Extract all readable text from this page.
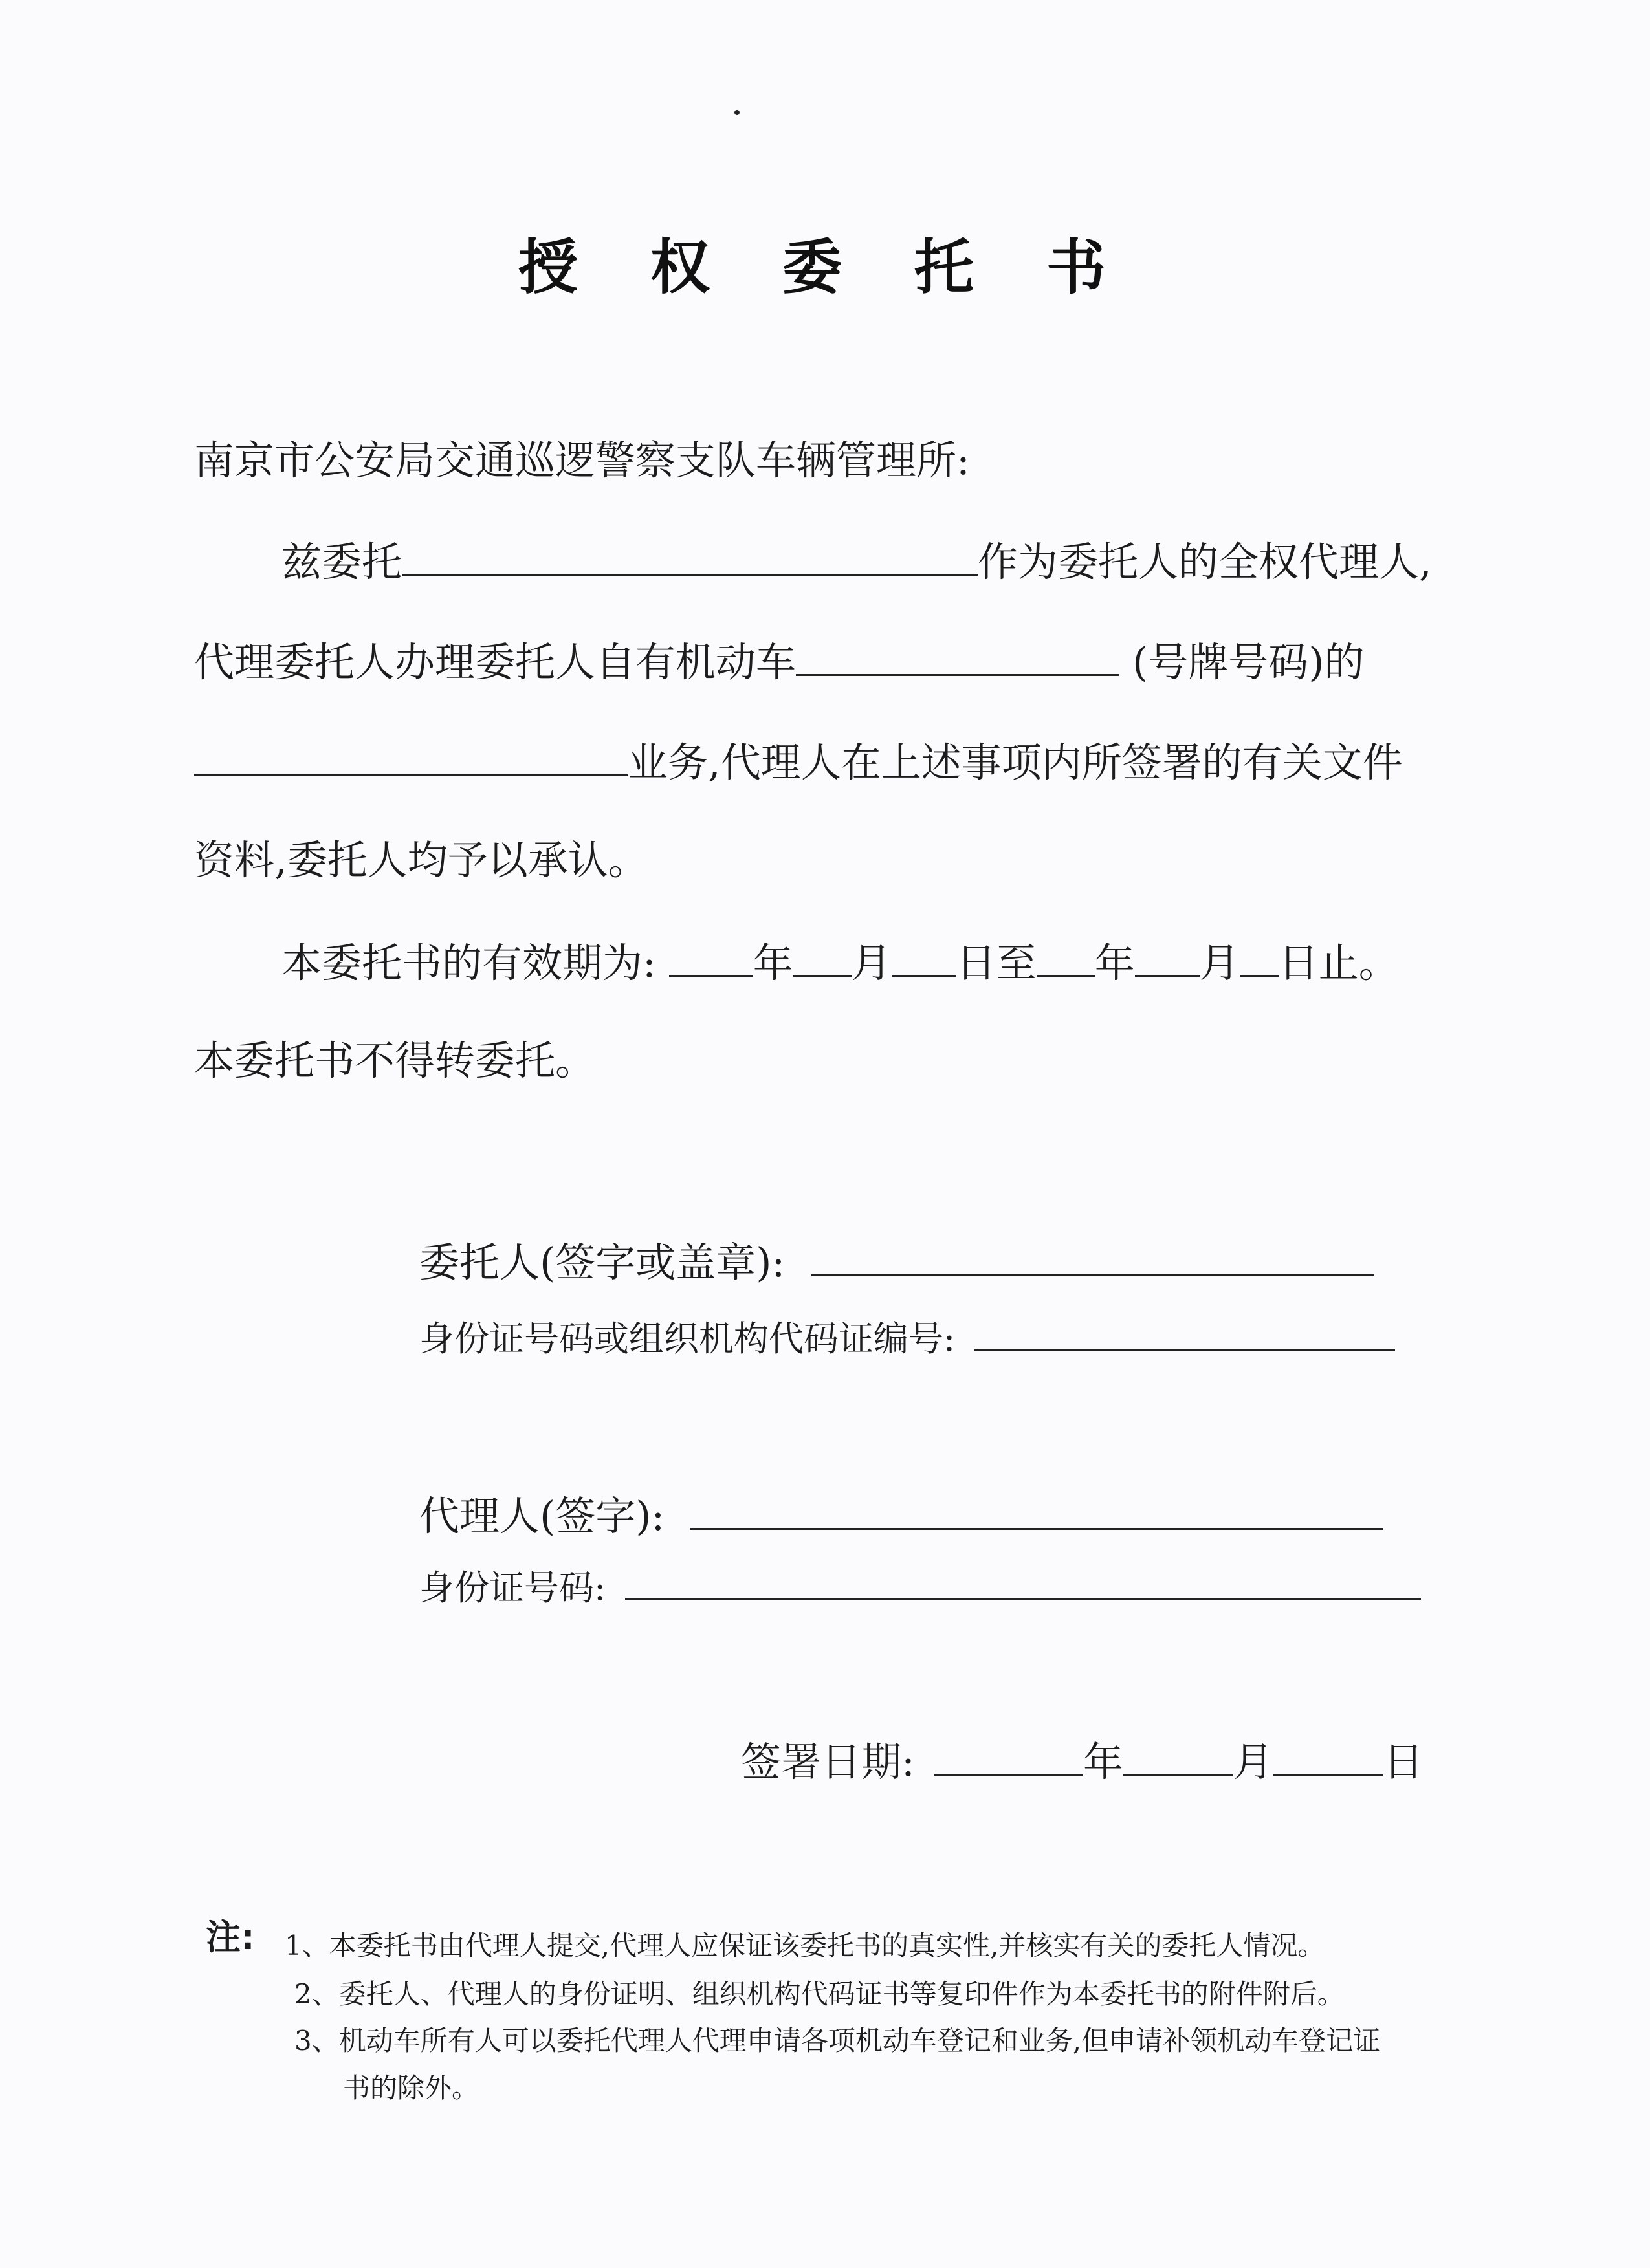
授 权 委 托 书
南京市公安局交通巡逻警察支队车辆管理所:
兹委托	作为委托人的全权代理人,
代理委托人办理委托人自有机动车	(号牌号码)的
业务,代理人在上述事项内所签署的有关文件
资料,委托人均予以承认。
本委托书的有效期为: 年 月 日至 年 月 日止。
本委托书不得转委托。
委托人(签字或盖章):
身份证号码或组织机构代码证编号:
代理人(签字):
身份证号码:
签署日期:	年	月	日
注: 1、本委托书由代理人提交,代理人应保证该委托书的真实性,并核实有关的委托人情况。
2、委托人、代理人的身份证明、组织机构代码证书等复印件作为本委托书的附件附后。
3、机动车所有人可以委托代理人代理申请各项机动车登记和业务,但申请补领机动车登记证
书的除外。
